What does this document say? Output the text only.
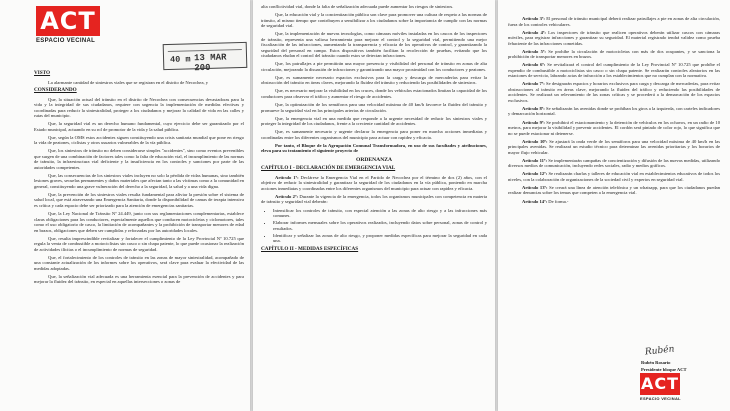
ACT
ESPACIO VECINAL
40 m 13 MAR 200
VISTO

La alarmante cantidad de siniestros viales que se registran en el distrito de Necochea, y

CONSIDERANDO

Que, la situación actual del tránsito en el distrito de Necochea con consecuencias devastadoras para la vida y la integridad de sus ciudadanos, requiere con urgencia la implementación de medidas efectivas y coordinadas para reducir la siniestralidad, proteger a los ciudadanos y mejorar la calidad de vida en las calles y rutas del municipio.

Que, la seguridad vial es un derecho humano fundamental, cuyo ejercicio debe ser garantizado por el Estado municipal, actuando en su rol de promotor de la vida y la salud pública.

Que, según la OMS estos accidentes siguen constituyendo una crisis sanitaria mundial que pone en riesgo la vida de peatones, ciclistas y otros usuarios vulnerables de la vía pública.

Que, los siniestros de tránsito no deben considerarse simples "accidentes", sino como eventos prevenibles que surgen de una combinación de factores tales como la falta de educación vial, el incumplimiento de las normas de tránsito, la infraestructura vial deficiente y la insuficiencia en los controles y sanciones por parte de las autoridades competentes.

Que, las consecuencias de los siniestros viales incluyen no solo la pérdida de vidas humanas, sino también lesiones graves, secuelas permanentes y daños materiales que afectan tanto a las víctimas como a la comunidad en general, constituyendo una grave vulneración del derecho a la seguridad, la salud y a una vida digna.

Que, la prevención de los siniestros viales resulta fundamental para aliviar la presión sobre el sistema de salud local, que está atravesando una Emergencia Sanitaria, donde la disponibilidad de camas de terapia intensiva es crítica y cada espacio debe ser priorizado para la atención de emergencias sanitarias.

Que, la Ley Nacional de Tránsito Nº 24.449, junto con sus reglamentaciones complementarias, establece claras obligaciones para los conductores, especialmente aquellos que conducen motocicletas y ciclomotores, tales como el uso obligatorio de casco, la limitación de acompañantes y la prohibición de transportar menores de edad en brazos, obligaciones que deben ser cumplidas y reforzadas por las autoridades locales.

Que, resulta imprescindible revitalizar y fortalecer el cumplimiento de la Ley Provincial Nº 10.725 que regula la venta de combustible a motociclistas sin casco o sin chapa patente, lo que puede ocasionar la realización de actividades ilícitas o el incumplimiento de normas de seguridad.

Que, el fortalecimiento de los controles de tránsito en las zonas de mayor siniestralidad, acompañado de una constante actualización de los informes sobre los operativos, será clave para evaluar la efectividad de las medidas adoptadas.

Que, la señalización vial adecuada es una herramienta esencial para la prevención de accidentes y para mejorar la fluidez del tránsito, en especial en aquellas intersecciones o zonas de

alta conflictividad vial, donde la falta de señalización adecuada puede aumentar los riesgos de siniestros.

Que, la educación vial y la concientización pública son clave para promover una cultura de respeto a las normas de tránsito, al mismo tiempo que contribuyen a sensibilizar a los ciudadanos sobre la importancia de cumplir con las normas de seguridad vial.

Que, la implementación de nuevas tecnologías, como cámaras móviles instaladas en los cascos de los inspectores de tránsito, representa una valiosa herramienta para mejorar el control y la seguridad vial, permitiendo una mejor fiscalización de las infracciones, aumentando la transparencia y eficacia de los operativos de control, y garantizando la seguridad del personal en campo. Estos dispositivos también facilitan la recolección de pruebas, evitando que los ciudadanos eludan el control del tránsito cuando estos se detectan infracciones.

Que, los patrullajes a pie permitirán una mayor presencia y visibilidad del personal de tránsito en zonas de alta circulación, mejorando la disuasión de infracciones y garantizando una mayor proximidad con los conductores y peatones.

Que, es sumamente necesario espacios exclusivos para la carga y descarga de mercaderías para evitar la obstrucción del tránsito en áreas claves, mejorando la fluidez del tránsito y reduciendo las posibilidades de siniestros.

Que, es necesario mejorar la visibilidad en los cruces, donde los vehículos estacionados limitan la capacidad de los conductores para observar el tráfico y aumentar el riesgo de accidentes.

Que, la optimización de los semáforos para una velocidad máxima de 40 km/h favorece la fluidez del tránsito y promueve la seguridad vial en las principales arterias de circulación.

Que, la emergencia vial en una medida que responde a la urgente necesidad de reducir los siniestros viales y proteger la integridad de los ciudadanos, frente a la creciente cantidad de accidentes.

Que, es sumamente necesario y urgente declarar la emergencia para poner en marcha acciones inmediatas y coordinadas entre los diferentes organismos del municipio para actuar con rapidez y eficacia.

Por tanto, el Bloque de la Agrupación Comunal Transformadora, en uso de sus facultades y atribuciones, eleva para su tratamiento el siguiente proyecto de

ORDENANZA
CAPÍTULO I - DECLARACIÓN DE EMERGENCIA VIAL

Artículo 1º: Declárese la Emergencia Vial en el Partido de Necochea por el término de dos (2) años, con el objetivo de reducir la siniestralidad y garantizar la seguridad de los ciudadanos en la vía pública, poniendo en marcha acciones inmediatas y coordinadas entre los diferentes organismos del municipio para actuar con rapidez y eficacia.

Artículo 2º: Durante la vigencia de la emergencia, todos los organismos municipales con competencia en materia de tránsito y seguridad vial deberán:

• Intensificar los controles de tránsito, con especial atención a las zonas de alto riesgo y a las infracciones más comunes.
• Elaborar informes mensuales sobre los operativos realizados, incluyendo datos sobre personal, zonas de control y resultados.
• Identificar y señalizar las zonas de alto riesgo, y proponer medidas específicas para mejorar la seguridad en cada una.
CAPÍTULO II - MEDIDAS ESPECÍFICAS

Artículo 3º: El personal de tránsito municipal deberá realizar patrullajes a pie en zonas de alta circulación, fuera de los controles vehiculares.

Artículo 4º: Los inspectores de tránsito que realicen operativos deberán utilizar cascos con cámaras móviles, para registrar infracciones y garantizar su seguridad. El material registrado tendrá validez como prueba fehaciente de las infracciones cometidas.

Artículo 5º: Se prohíbe la circulación de motocicletas con más de dos ocupantes, y se sanciona la prohibición de transportar menores en brazos.

Artículo 6º: Se revitalizará el control del cumplimiento de la Ley Provincial Nº 10.725 que prohíbe el expendio de combustible a motociclistas sin casco o sin chapa patente. Se realizarán controles aleatorios en las estaciones de servicio, labrando actas de infracción a los establecimientos que no cumplan con la normativa.

Artículo 7º: Se designarán espacios y horarios exclusivos para carga y descarga de mercaderías, para evitar obstrucciones al tránsito en áreas clave, mejorando la fluidez del tráfico y reduciendo las posibilidades de accidentes. Se realizará un relevamiento de las zonas críticas y se procederá a la demarcación de los espacios exclusivos.

Artículo 8º: Se señalizarán las avenidas donde se prohíban los giros a la izquierda, con carteles indicadores y demarcación horizontal.

Artículo 9º: Se prohibirá el estacionamiento y la detención de vehículos en los ochavos, en un radio de 10 metros, para mejorar la visibilidad y prevenir accidentes. El cordón será pintado de color rojo, lo que significa que no se puede estacionar ni detenerse.

Artículo 10º: Se ajustará la onda verde de los semáforos para una velocidad máxima de 40 km/h en las principales avenidas. Se realizará un estudio técnico para determinar las avenidas prioritarias y los horarios de mayor flujo vehicular.

Artículo 11º: Se implementarán campañas de concientización y difusión de las nuevas medidas, utilizando diversos medios de comunicación, incluyendo redes sociales, radio y medios gráficos.

Artículo 12º: Se realizarán charlas y talleres de educación vial en establecimientos educativos de todos los niveles, con la colaboración de organizaciones de la sociedad civil y expertos en seguridad vial.

Artículo 13º: Se creará una línea de atención telefónica y un whatsapp, para que los ciudadanos puedan realizar denuncias sobre los temas que competen a la emergencia vial.

Artículo 14º: De forma.-

Rubén
Rubén Rosario
Presidente bloque ACT
ACT
ESPACIO VECINAL
